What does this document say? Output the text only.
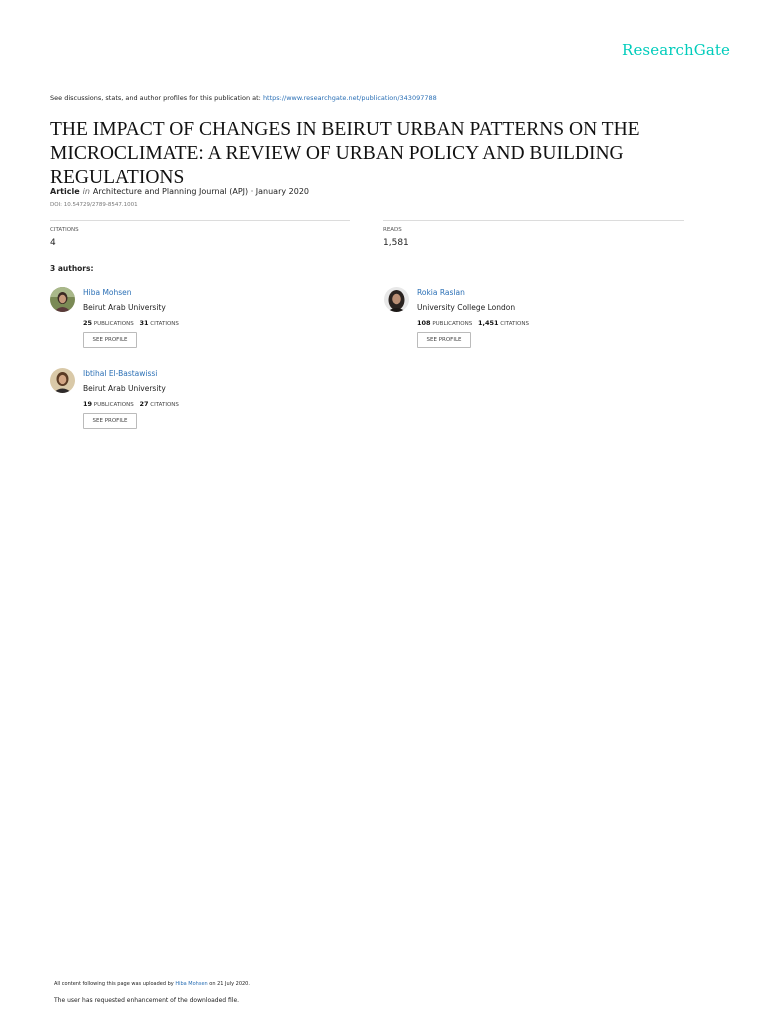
ResearchGate
See discussions, stats, and author profiles for this publication at: https://www.researchgate.net/publication/343097788
THE IMPACT OF CHANGES IN BEIRUT URBAN PATTERNS ON THE MICROCLIMATE: A REVIEW OF URBAN POLICY AND BUILDING REGULATIONS
Article in Architecture and Planning Journal (APJ) · January 2020
DOI: 10.54729/2789-8547.1001
CITATIONS
4
READS
1,581
3 authors:
Hiba Mohsen
Beirut Arab University
25 PUBLICATIONS 31 CITATIONS
SEE PROFILE
Rokia Raslan
University College London
108 PUBLICATIONS 1,451 CITATIONS
SEE PROFILE
Ibtihal El-Bastawissi
Beirut Arab University
19 PUBLICATIONS 27 CITATIONS
SEE PROFILE
All content following this page was uploaded by Hiba Mohsen on 21 July 2020.
The user has requested enhancement of the downloaded file.
